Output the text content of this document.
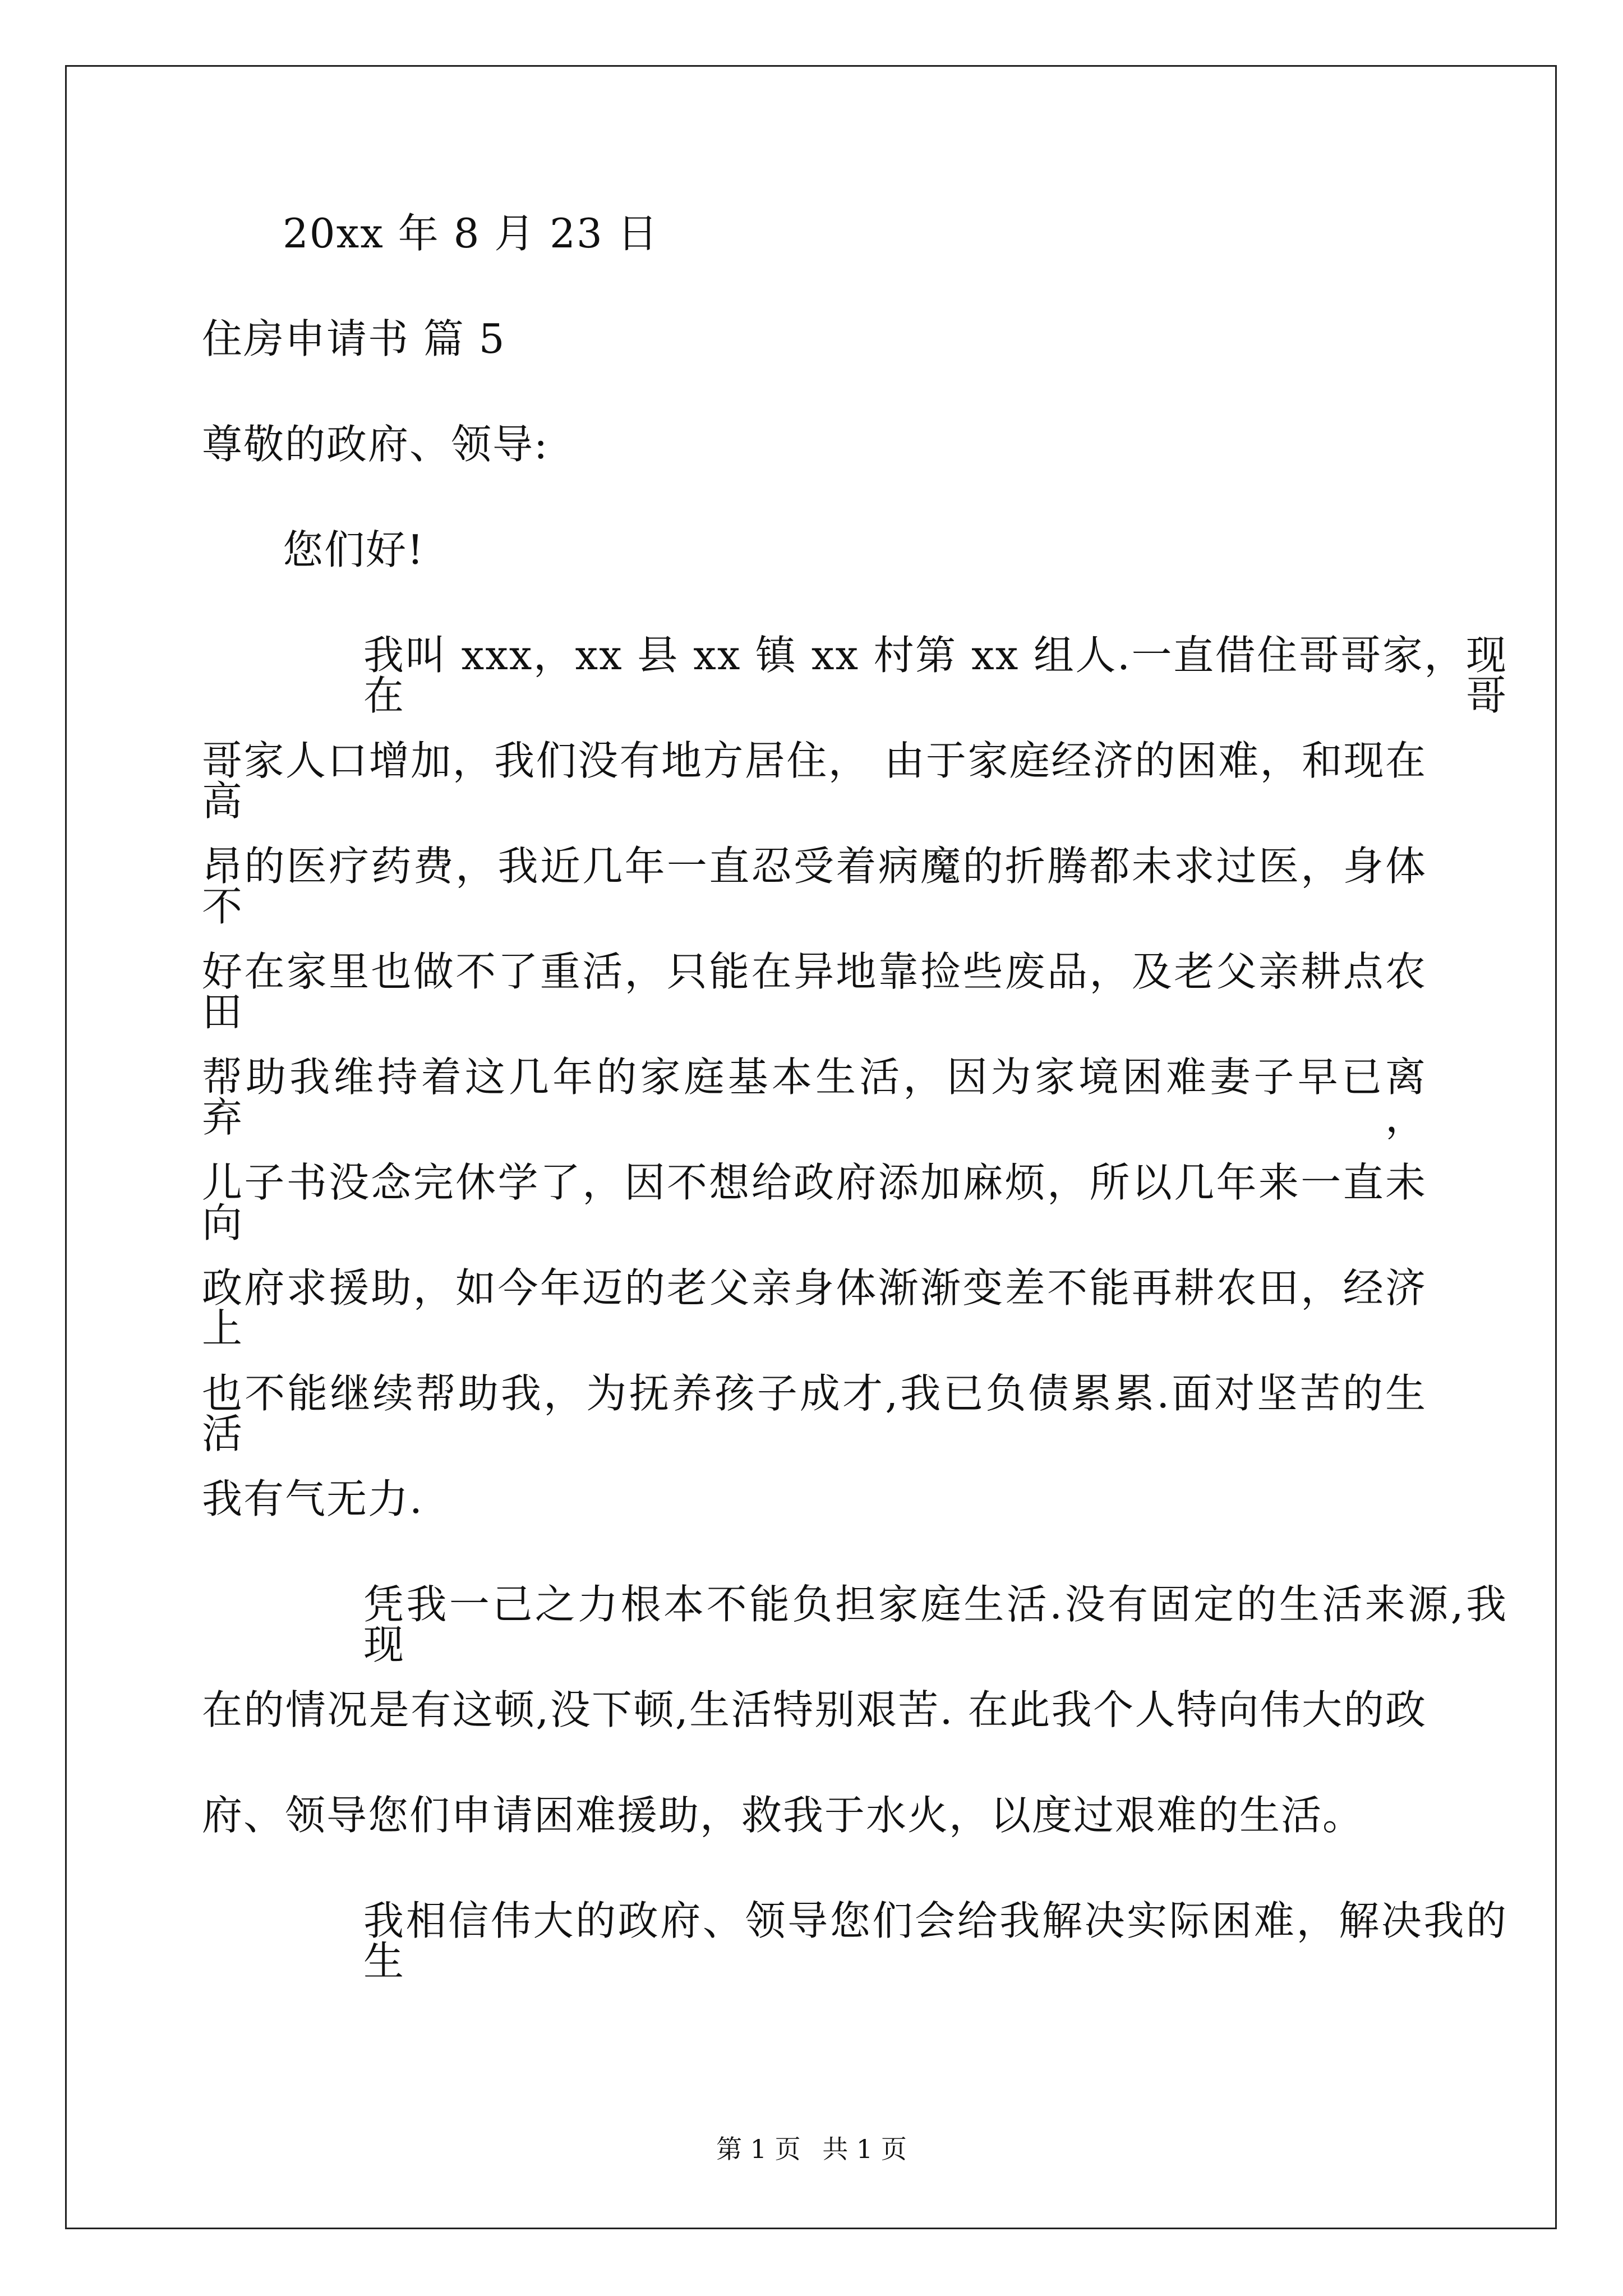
20xx 年 8 月 23 日
住房申请书 篇 5
尊敬的政府、领导:
您们好!
我叫 xxx，xx 县 xx 镇 xx 村第 xx 组人.一直借住哥哥家，现在哥
哥家人口增加，我们没有地方居住， 由于家庭经济的困难，和现在高
昂的医疗药费，我近几年一直忍受着病魔的折腾都未求过医，身体不
好在家里也做不了重活，只能在异地靠捡些废品，及老父亲耕点农田
帮助我维持着这几年的家庭基本生活，因为家境困难妻子早已离弃，
儿子书没念完休学了，因不想给政府添加麻烦，所以几年来一直未向
政府求援助，如今年迈的老父亲身体渐渐变差不能再耕农田，经济上
也不能继续帮助我，为抚养孩子成才,我已负债累累.面对坚苦的生活
我有气无力.
凭我一己之力根本不能负担家庭生活.没有固定的生活来源,我现
在的情况是有这顿,没下顿,生活特别艰苦. 在此我个人特向伟大的政
府、领导您们申请困难援助，救我于水火，以度过艰难的生活。
我相信伟大的政府、领导您们会给我解决实际困难，解决我的生
第 1 页 共 1 页
